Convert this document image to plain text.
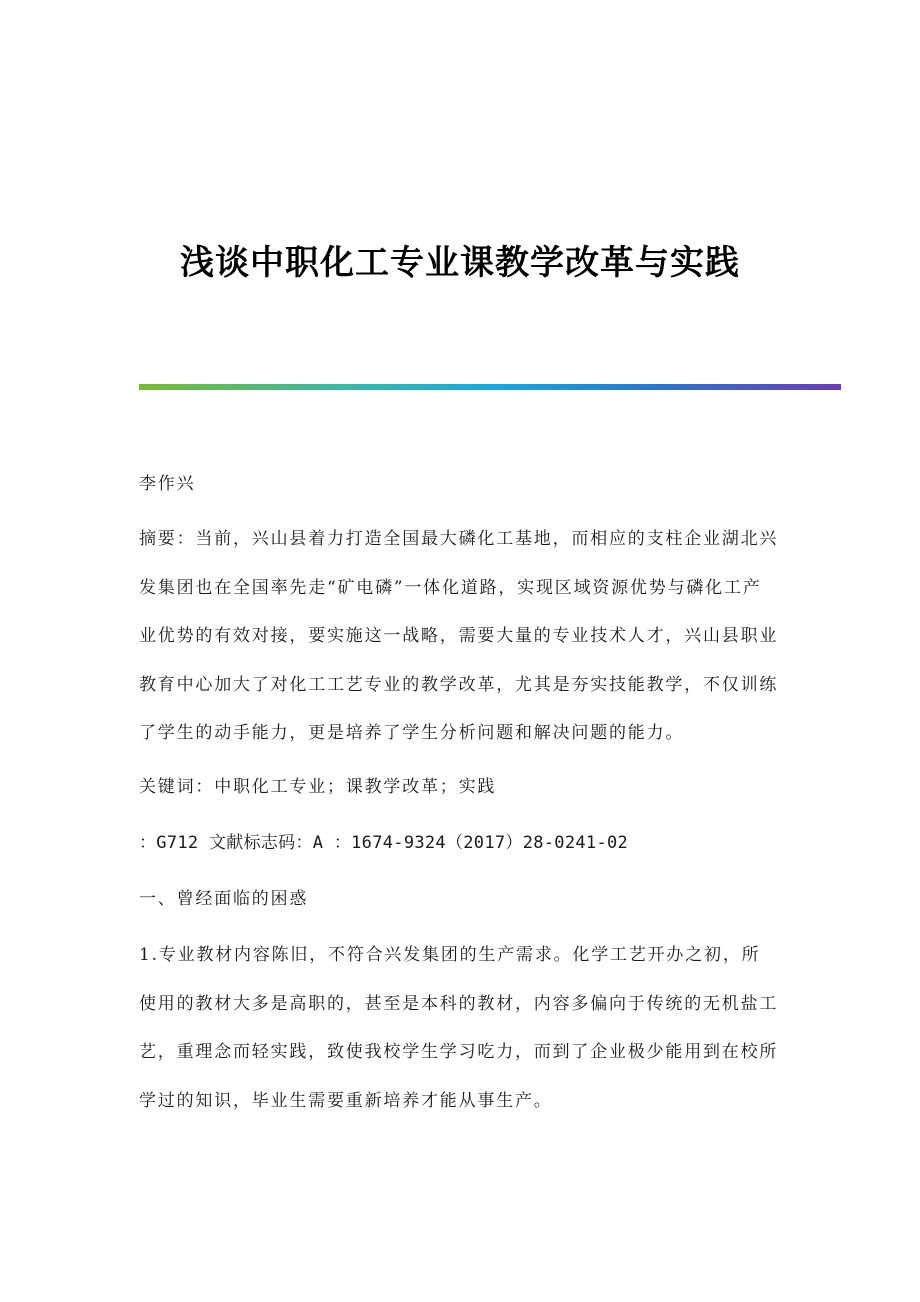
浅谈中职化工专业课教学改革与实践

李作兴

摘要：当前，兴山县着力打造全国最大磷化工基地，而相应的支柱企业湖北兴发集团也在全国率先走“矿电磷”一体化道路，实现区域资源优势与磷化工产业优势的有效对接，要实施这一战略，需要大量的专业技术人才，兴山县职业教育中心加大了对化工工艺专业的教学改革，尤其是夯实技能教学，不仅训练了学生的动手能力，更是培养了学生分析问题和解决问题的能力。

关键词：中职化工专业；课教学改革；实践

：G712 文献标志码：A ：1674-9324（2017）28-0241-02

一、曾经面临的困惑

1.专业教材内容陈旧，不符合兴发集团的生产需求。化学工艺开办之初，所使用的教材大多是高职的，甚至是本科的教材，内容多偏向于传统的无机盐工艺，重理念而轻实践，致使我校学生学习吃力，而到了企业极少能用到在校所学过的知识，毕业生需要重新培养才能从事生产。
